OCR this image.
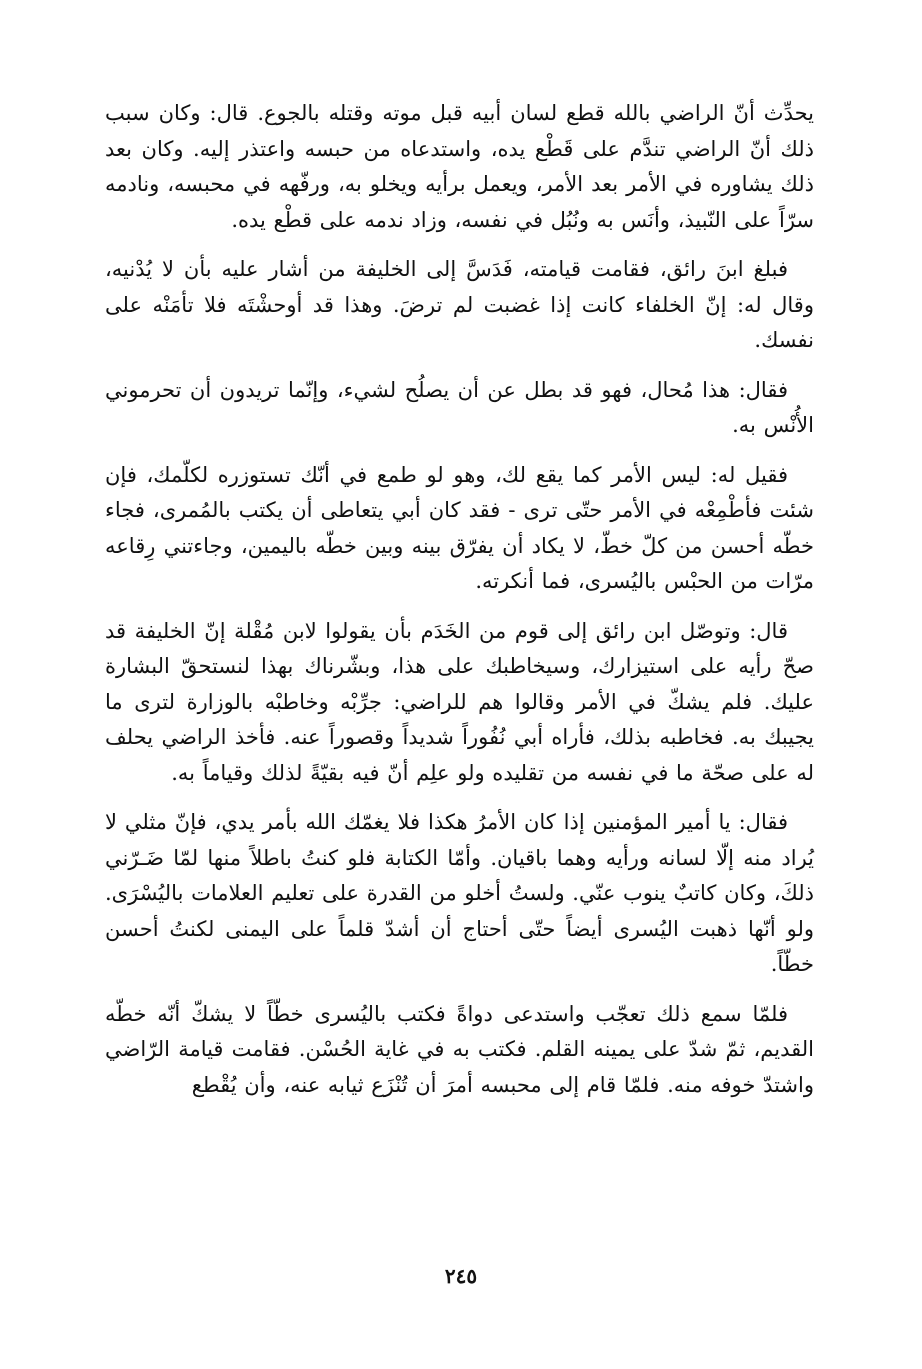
يحدِّث أنّ الراضي بالله قطع لسان أبيه قبل موته وقتله بالجوع. قال: وكان سبب ذلك أنّ الراضي تندَّم على قَطْع يده، واستدعاه من حبسه واعتذر إليه. وكان بعد ذلك يشاوره في الأمر بعد الأمر، ويعمل برأيه ويخلو به، ورفّهه في محبسه، ونادمه سرّاً على النّبيذ، وأنَس به ونُبُل في نفسه، وزاد ندمه على قطْع يده.

فبلغ ابنَ رائق، فقامت قيامته، فَدَسَّ إلى الخليفة من أشار عليه بأن لا يُدْنيه، وقال له: إنّ الخلفاء كانت إذا غضبت لم ترضَ. وهذا قد أوحشْتَه فلا تأمَنْه على نفسك.

فقال: هذا مُحال، فهو قد بطل عن أن يصلُح لشيء، وإنّما تريدون أن تحرموني الأُنْس به.

فقيل له: ليس الأمر كما يقع لك، وهو لو طمع في أنّك تستوزره لكلّمك، فإن شئت فأطْمِعْه في الأمر حتّى ترى - فقد كان أبي يتعاطى أن يكتب بالمُمرى، فجاء خطّه أحسن من كلّ خطّ، لا يكاد أن يفرّق بينه وبين خطّه باليمين، وجاءتني رِقاعه مرّات من الحبْس باليُسرى، فما أنكرته.

قال: وتوصّل ابن رائق إلى قوم من الخَدَم بأن يقولوا لابن مُقْلة إنّ الخليفة قد صحّ رأيه على استيزارك، وسيخاطبك على هذا، وبشّرناك بهذا لنستحقّ البشارة عليك. فلم يشكّ في الأمر وقالوا هم للراضي: جرِّبْه وخاطبْه بالوزارة لترى ما يجيبك به. فخاطبه بذلك، فأراه أبي نُفُوراً شديداً وقصوراً عنه. فأخذ الراضي يحلف له على صحّة ما في نفسه من تقليده ولو علِم أنّ فيه بقيّةً لذلك وقياماً به.

فقال: يا أمير المؤمنين إذا كان الأمرُ هكذا فلا يغمّك الله بأمر يدي، فإنّ مثلي لا يُراد منه إلّا لسانه ورأيه وهما باقيان. وأمّا الكتابة فلو كنتُ باطلاً منها لمّا ضَـرّني ذلكَ، وكان كاتبٌ ينوب عنّي. ولستُ أخلو من القدرة على تعليم العلامات باليُسْرَى. ولو أنّها ذهبت اليُسرى أيضاً حتّى أحتاج أن أشدّ قلماً على اليمنى لكنتُ أحسن خطّاً.

فلمّا سمع ذلك تعجّب واستدعى دواةً فكتب باليُسرى خطّاً لا يشكّ أنّه خطّه القديم، ثمّ شدّ على يمينه القلم. فكتب به في غاية الحُسْن. فقامت قيامة الرّاضي واشتدّ خوفه منه. فلمّا قام إلى محبسه أمرَ أن تُنْزَع ثيابه عنه، وأن يُقْطع

٢٤٥
